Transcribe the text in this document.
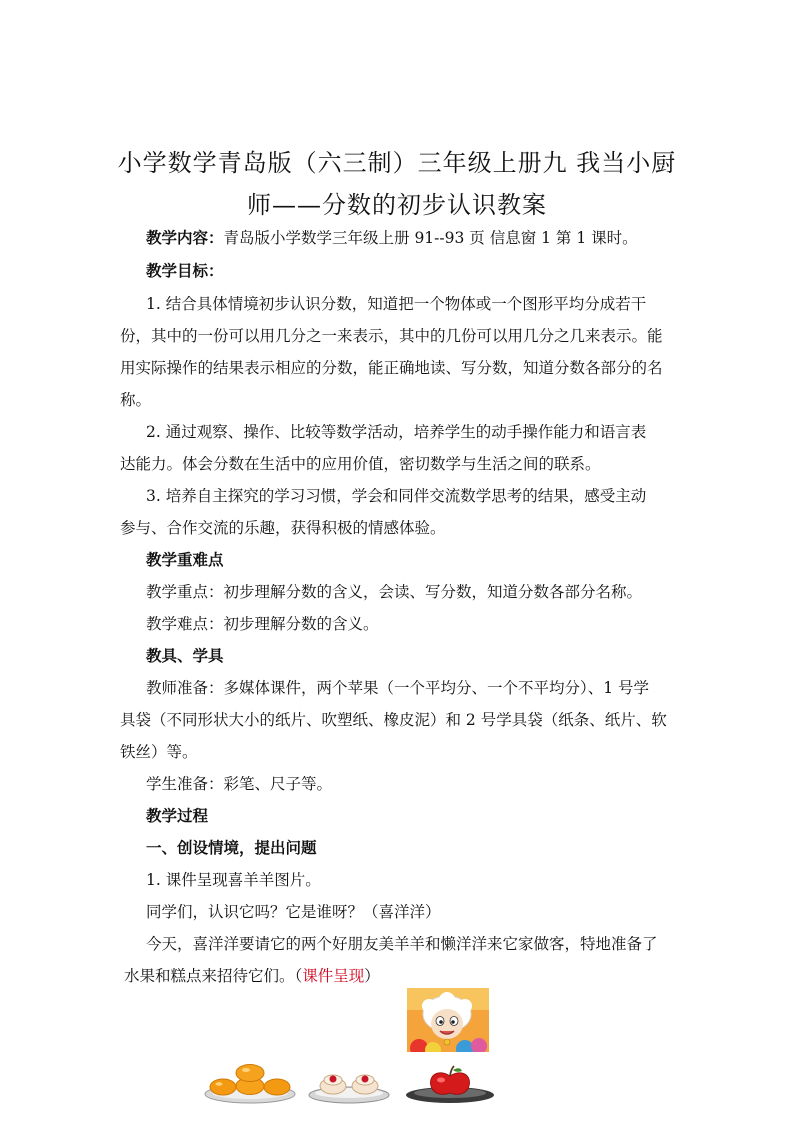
小学数学青岛版（六三制）三年级上册九 我当小厨
师——分数的初步认识教案
教学内容：青岛版小学数学三年级上册 91--93 页 信息窗 1 第 1 课时。
教学目标：
1. 结合具体情境初步认识分数，知道把一个物体或一个图形平均分成若干
份，其中的一份可以用几分之一来表示，其中的几份可以用几分之几来表示。能
用实际操作的结果表示相应的分数，能正确地读、写分数，知道分数各部分的名
称。
2. 通过观察、操作、比较等数学活动，培养学生的动手操作能力和语言表
达能力。体会分数在生活中的应用价值，密切数学与生活之间的联系。
3. 培养自主探究的学习习惯，学会和同伴交流数学思考的结果，感受主动
参与、合作交流的乐趣，获得积极的情感体验。
教学重难点
教学重点：初步理解分数的含义，会读、写分数，知道分数各部分名称。
教学难点：初步理解分数的含义。
教具、学具
教师准备：多媒体课件，两个苹果（一个平均分、一个不平均分）、1 号学
具袋（不同形状大小的纸片、吹塑纸、橡皮泥）和 2 号学具袋（纸条、纸片、软
铁丝）等。
学生准备：彩笔、尺子等。
教学过程
一、创设情境，提出问题
1. 课件呈现喜羊羊图片。
同学们，认识它吗？它是谁呀？（喜洋洋）
今天，喜洋洋要请它的两个好朋友美羊羊和懒洋洋来它家做客，特地准备了
水果和糕点来招待它们。（课件呈现）
